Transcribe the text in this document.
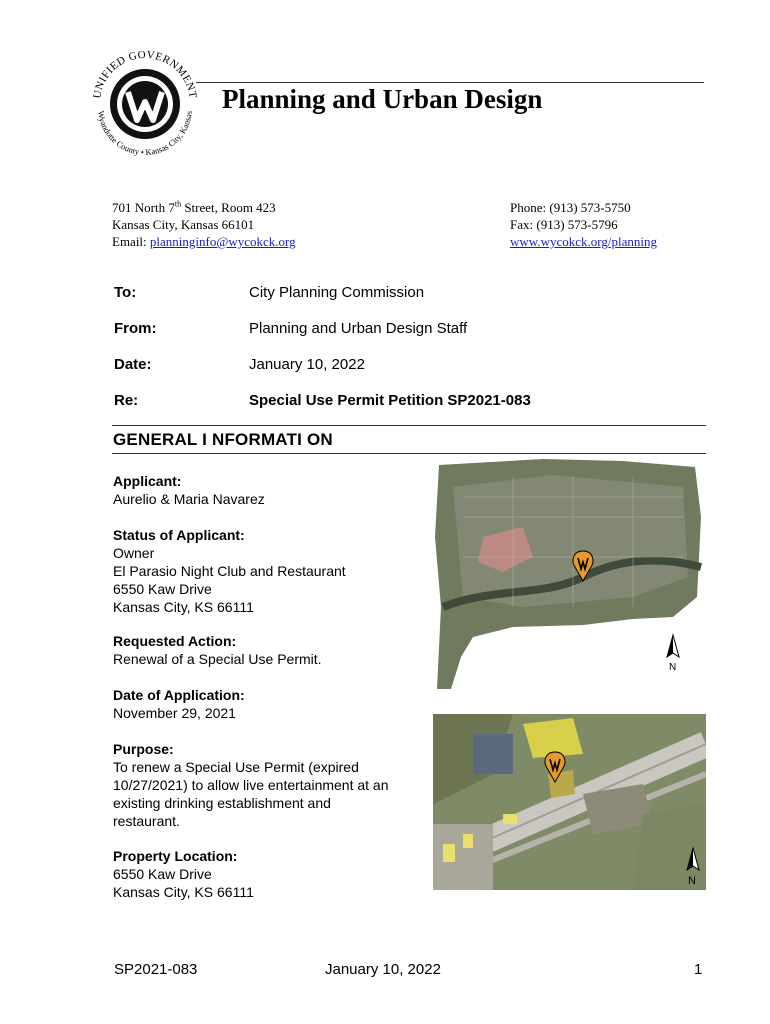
UNIFIED GOVERNMENT
Wyandotte County • Kansas City, Kansas Planning and Urban Design
701 North 7th Street, Room 423
Kansas City, Kansas 66101
Email: planninginfo@wycokck.org
Phone: (913) 573-5750
Fax: (913) 573-5796
www.wycokck.org/planning
To:	City Planning Commission
From:	Planning and Urban Design Staff
Date:	January 10, 2022
Re:	Special Use Permit Petition SP2021-083
GENERAL I NFORMATI ON
Applicant:
Aurelio & Maria Navarez
Status of Applicant:
Owner
El Parasio Night Club and Restaurant
6550 Kaw Drive
Kansas City, KS 66111
Requested Action:
Renewal of a Special Use Permit.
Date of Application:
November 29, 2021
Purpose:
To renew a Special Use Permit (expired
10/27/2021) to allow live entertainment at an
existing drinking establishment and
restaurant.
Property Location:
6550 Kaw Drive
Kansas City, KS 66111
N
N
SP2021-083	January 10, 2022	1
